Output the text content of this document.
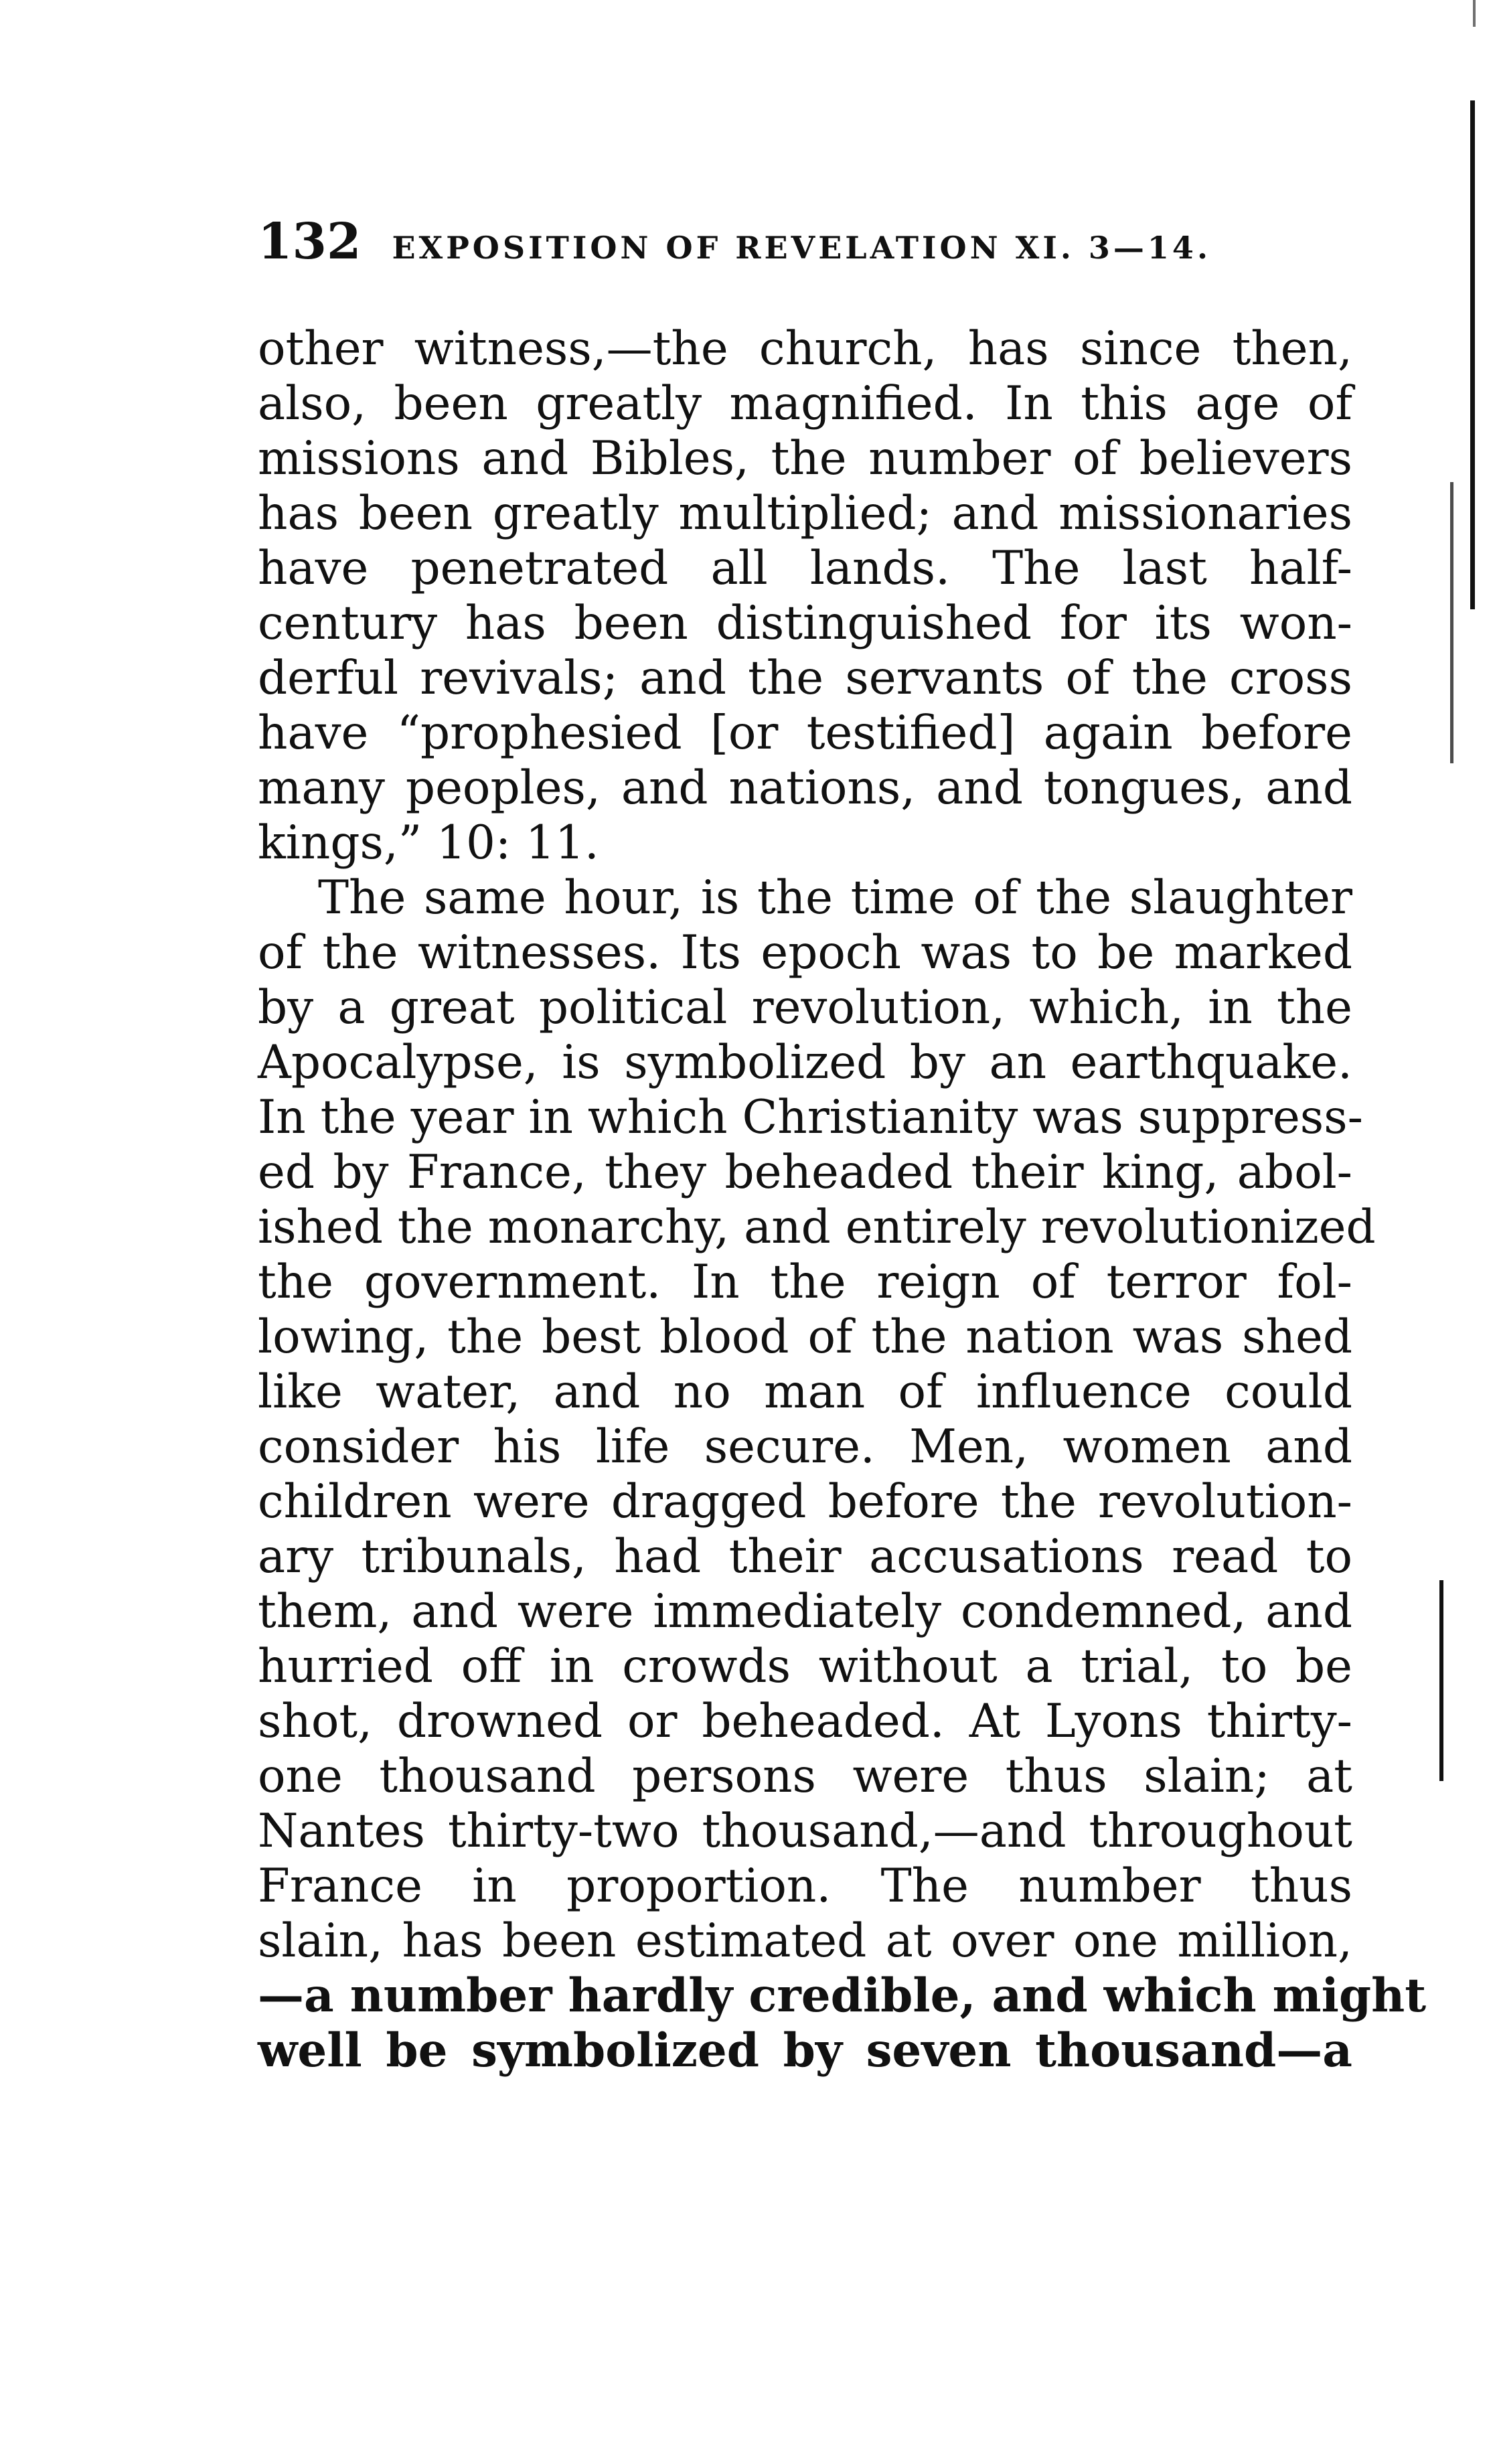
132 EXPOSITION OF REVELATION XI. 3—14.
other witness,—the church, has since then,
also, been greatly magnified. In this age of
missions and Bibles, the number of believers
has been greatly multiplied; and missionaries
have penetrated all lands. The last half-
century has been distinguished for its won-
derful revivals; and the servants of the cross
have “prophesied [or testified] again before
many peoples, and nations, and tongues, and
kings,” 10: 11.
The same hour, is the time of the slaughter
of the witnesses. Its epoch was to be marked
by a great political revolution, which, in the
Apocalypse, is symbolized by an earthquake.
In the year in which Christianity was suppress-
ed by France, they beheaded their king, abol-
ished the monarchy, and entirely revolutionized
the government. In the reign of terror fol-
lowing, the best blood of the nation was shed
like water, and no man of influence could
consider his life secure. Men, women and
children were dragged before the revolution-
ary tribunals, had their accusations read to
them, and were immediately condemned, and
hurried off in crowds without a trial, to be
shot, drowned or beheaded. At Lyons thirty-
one thousand persons were thus slain; at
Nantes thirty-two thousand,—and throughout
France in proportion. The number thus
slain, has been estimated at over one million,
—a number hardly credible, and which might
well be symbolized by seven thousand—a
